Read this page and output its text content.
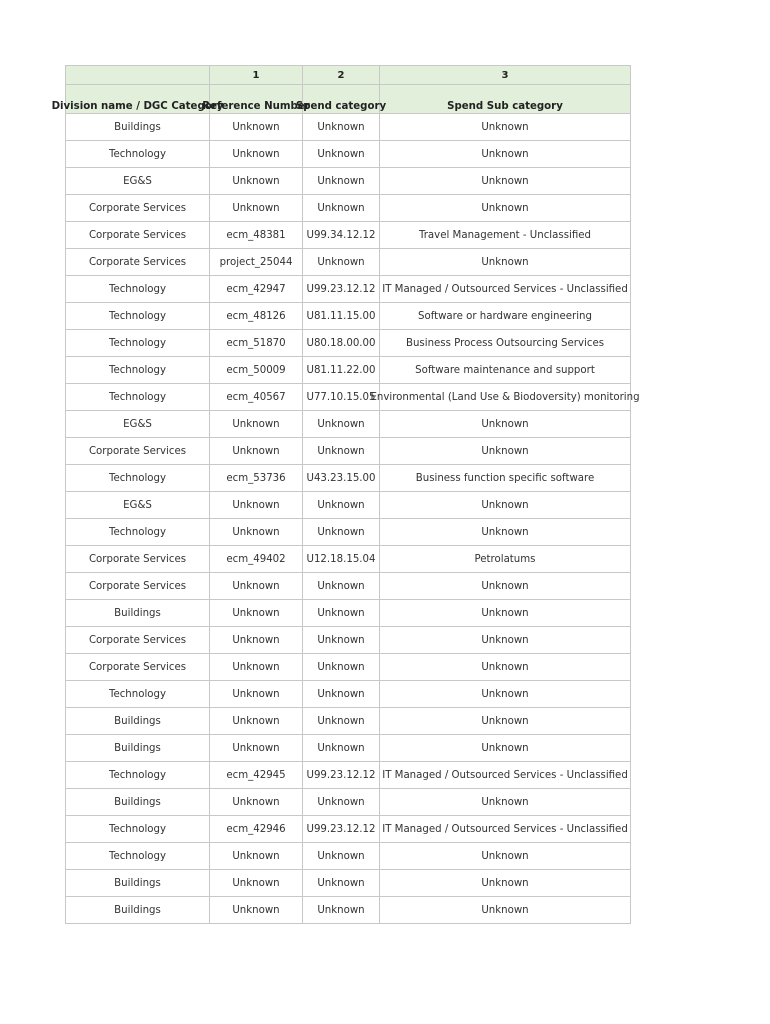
	1	2	3

Division name / DGC Category	Reference Number	Spend category	Spend Sub category

Buildings	Unknown	Unknown	Unknown

Technology	Unknown	Unknown	Unknown

EG&S	Unknown	Unknown	Unknown

Corporate Services	Unknown	Unknown	Unknown

Corporate Services	ecm_48381	U99.34.12.12	Travel Management - Unclassified

Corporate Services	project_25044	Unknown	Unknown

Technology	ecm_42947	U99.23.12.12	IT Managed / Outsourced Services - Unclassified

Technology	ecm_48126	U81.11.15.00	Software or hardware engineering

Technology	ecm_51870	U80.18.00.00	Business Process Outsourcing Services

Technology	ecm_50009	U81.11.22.00	Software maintenance and support

Technology	ecm_40567	U77.10.15.05	Environmental (Land Use & Biodoversity) monitoring

EG&S	Unknown	Unknown	Unknown

Corporate Services	Unknown	Unknown	Unknown

Technology	ecm_53736	U43.23.15.00	Business function specific software

EG&S	Unknown	Unknown	Unknown

Technology	Unknown	Unknown	Unknown

Corporate Services	ecm_49402	U12.18.15.04	Petrolatums

Corporate Services	Unknown	Unknown	Unknown

Buildings	Unknown	Unknown	Unknown

Corporate Services	Unknown	Unknown	Unknown

Corporate Services	Unknown	Unknown	Unknown

Technology	Unknown	Unknown	Unknown

Buildings	Unknown	Unknown	Unknown

Buildings	Unknown	Unknown	Unknown

Technology	ecm_42945	U99.23.12.12	IT Managed / Outsourced Services - Unclassified

Buildings	Unknown	Unknown	Unknown

Technology	ecm_42946	U99.23.12.12	IT Managed / Outsourced Services - Unclassified

Technology	Unknown	Unknown	Unknown

Buildings	Unknown	Unknown	Unknown

Buildings	Unknown	Unknown	Unknown
